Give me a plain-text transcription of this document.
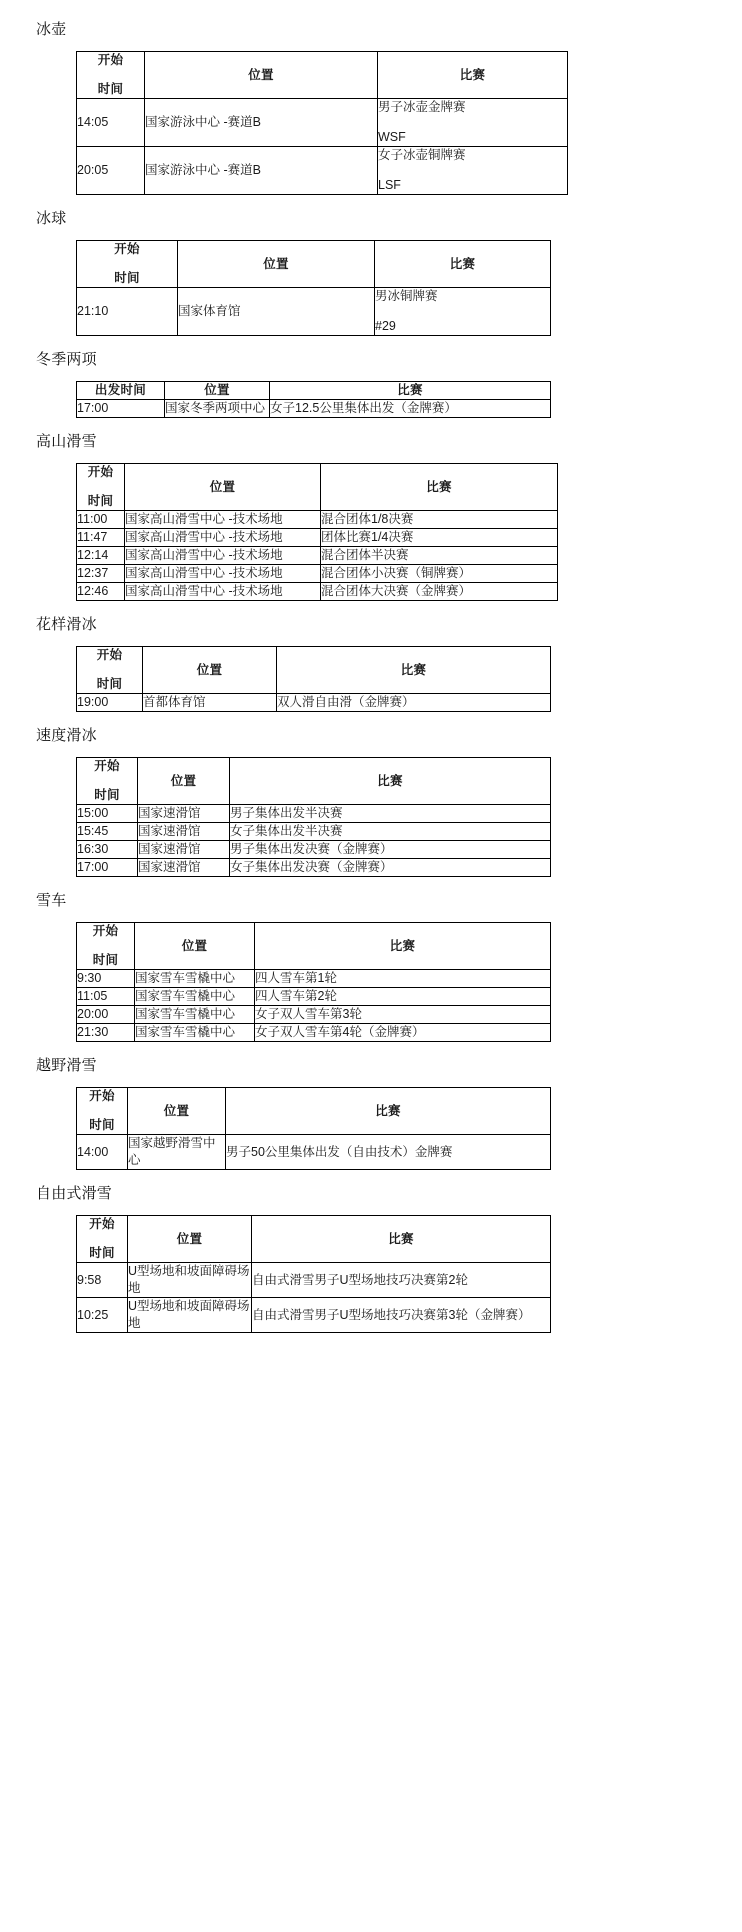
冰壶
开始
时间	位置	比赛
14:05	国家游泳中心 -赛道B	男子冰壶金牌赛
WSF

20:05	国家游泳中心 -赛道B	女子冰壶铜牌赛
LSF
冰球
开始
时间	位置	比赛
21:10	国家体育馆	男冰铜牌赛
#29
冬季两项
出发时间	位置	比赛
17:00	国家冬季两项中心	女子12.5公里集体出发（金牌赛）
高山滑雪
开始
时间	位置	比赛
11:00	国家高山滑雪中心 -技术场地	混合团体1/8决赛
11:47	国家高山滑雪中心 -技术场地	团体比赛1/4决赛
12:14	国家高山滑雪中心 -技术场地	混合团体半决赛
12:37	国家高山滑雪中心 -技术场地	混合团体小决赛（铜牌赛）
12:46	国家高山滑雪中心 -技术场地	混合团体大决赛（金牌赛）
花样滑冰
开始
时间	位置	比赛
19:00	首都体育馆	双人滑自由滑（金牌赛）
速度滑冰
开始
时间	位置	比赛
15:00	国家速滑馆	男子集体出发半决赛
15:45	国家速滑馆	女子集体出发半决赛
16:30	国家速滑馆	男子集体出发决赛（金牌赛）
17:00	国家速滑馆	女子集体出发决赛（金牌赛）
雪车
开始
时间	位置	比赛
9:30	国家雪车雪橇中心	四人雪车第1轮
11:05	国家雪车雪橇中心	四人雪车第2轮
20:00	国家雪车雪橇中心	女子双人雪车第3轮
21:30	国家雪车雪橇中心	女子双人雪车第4轮（金牌赛）
越野滑雪
开始
时间	位置	比赛
14:00	国家越野滑雪中心	男子50公里集体出发（自由技术）金牌赛
自由式滑雪
开始
时间	位置	比赛
9:58	U型场地和坡面障碍场地	自由式滑雪男子U型场地技巧决赛第2轮
10:25	U型场地和坡面障碍场地	自由式滑雪男子U型场地技巧决赛第3轮（金牌赛）
